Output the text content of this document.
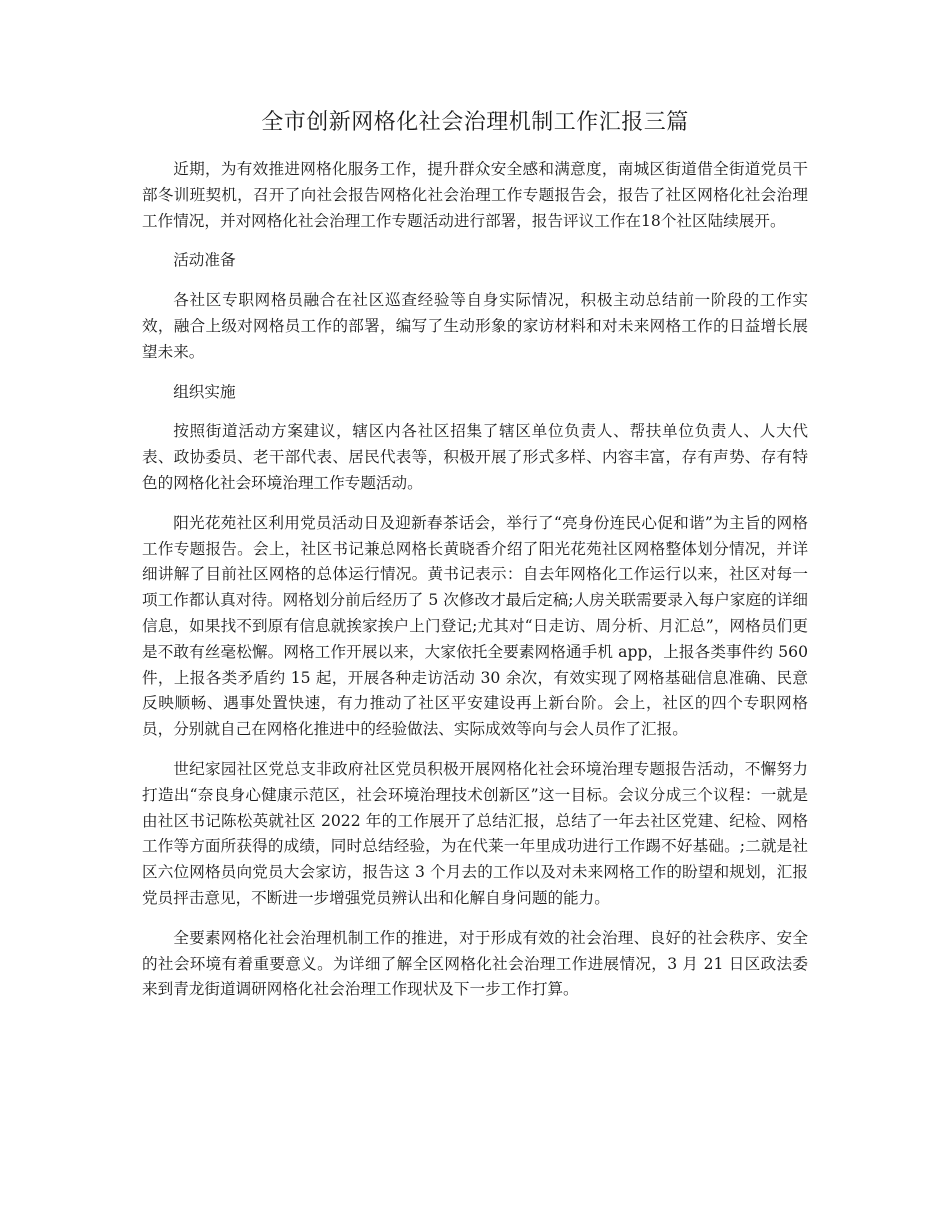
全市创新网格化社会治理机制工作汇报三篇

近期，为有效推进网格化服务工作，提升群众安全感和满意度，南城区街道借全街道党员干部冬训班契机，召开了向社会报告网格化社会治理工作专题报告会，报告了社区网格化社会治理工作情况，并对网格化社会治理工作专题活动进行部署，报告评议工作在18个社区陆续展开。

活动准备

各社区专职网格员融合在社区巡查经验等自身实际情况，积极主动总结前一阶段的工作实效，融合上级对网格员工作的部署，编写了生动形象的家访材料和对未来网格工作的日益增长展望未来。

组织实施

按照街道活动方案建议，辖区内各社区招集了辖区单位负责人、帮扶单位负责人、人大代表、政协委员、老干部代表、居民代表等，积极开展了形式多样、内容丰富，存有声势、存有特色的网格化社会环境治理工作专题活动。

阳光花苑社区利用党员活动日及迎新春茶话会，举行了“亮身份连民心促和谐”为主旨的网格工作专题报告。会上，社区书记兼总网格长黄晓香介绍了阳光花苑社区网格整体划分情况，并详细讲解了目前社区网格的总体运行情况。黄书记表示：自去年网格化工作运行以来，社区对每一项工作都认真对待。网格划分前后经历了 5 次修改才最后定稿;人房关联需要录入每户家庭的详细信息，如果找不到原有信息就挨家挨户上门登记;尤其对“日走访、周分析、月汇总”，网格员们更是不敢有丝毫松懈。网格工作开展以来，大家依托全要素网格通手机 app，上报各类事件约 560 件，上报各类矛盾约 15 起，开展各种走访活动 30 余次，有效实现了网格基础信息准确、民意反映顺畅、遇事处置快速，有力推动了社区平安建设再上新台阶。会上，社区的四个专职网格员，分别就自己在网格化推进中的经验做法、实际成效等向与会人员作了汇报。

世纪家园社区党总支非政府社区党员积极开展网格化社会环境治理专题报告活动，不懈努力打造出“奈良身心健康示范区，社会环境治理技术创新区”这一目标。会议分成三个议程：一就是由社区书记陈松英就社区 2022 年的工作展开了总结汇报，总结了一年去社区党建、纪检、网格工作等方面所获得的成绩，同时总结经验，为在代莱一年里成功进行工作踢不好基础。;二就是社区六位网格员向党员大会家访，报告这 3 个月去的工作以及对未来网格工作的盼望和规划，汇报党员抨击意见，不断进一步增强党员辨认出和化解自身问题的能力。

全要素网格化社会治理机制工作的推进，对于形成有效的社会治理、良好的社会秩序、安全的社会环境有着重要意义。为详细了解全区网格化社会治理工作进展情况，3 月 21 日区政法委来到青龙街道调研网格化社会治理工作现状及下一步工作打算。
